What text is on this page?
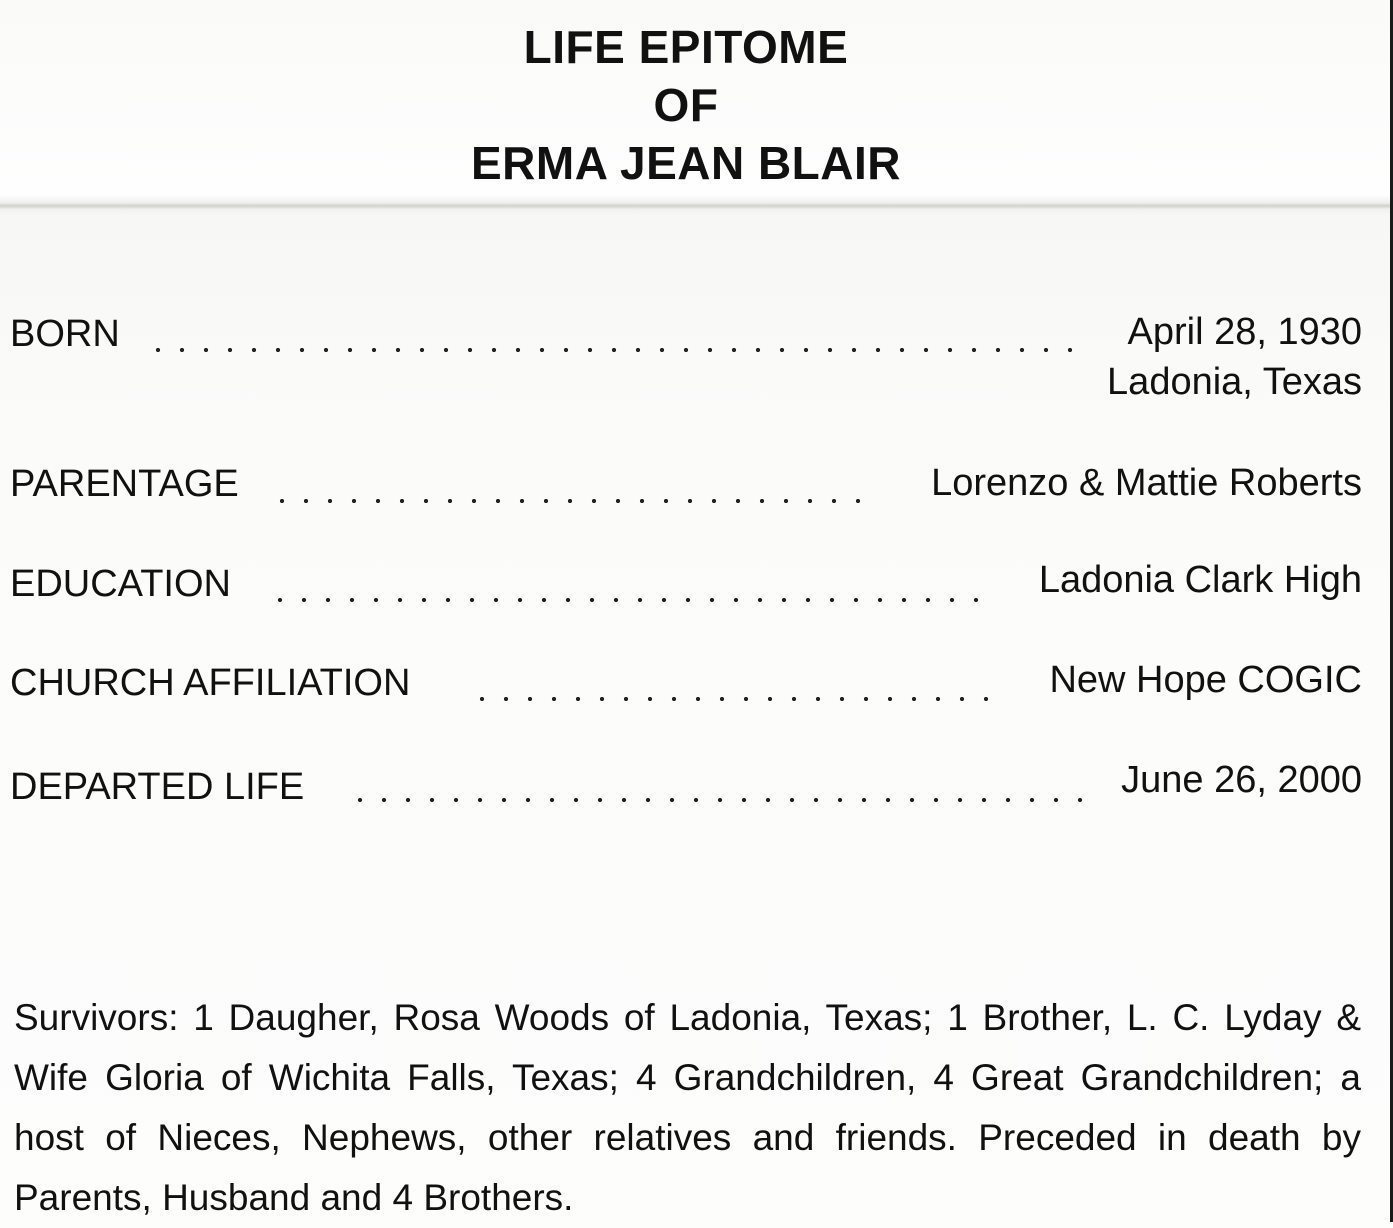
LIFE EPITOME
OF
ERMA JEAN BLAIR
BORN	April 28, 1930
Ladonia, Texas
PARENTAGE	Lorenzo & Mattie Roberts
EDUCATION	Ladonia Clark High
CHURCH AFFILIATION	New Hope COGIC
DEPARTED LIFE	June 26, 2000
Survivors: 1 Daugher, Rosa Woods of Ladonia, Texas; 1 Brother, L. C. Lyday & Wife Gloria of Wichita Falls, Texas; 4 Grandchildren, 4 Great Grandchildren; a host of Nieces, Nephews, other relatives and friends. Preceded in death by Parents, Husband and 4 Brothers.
